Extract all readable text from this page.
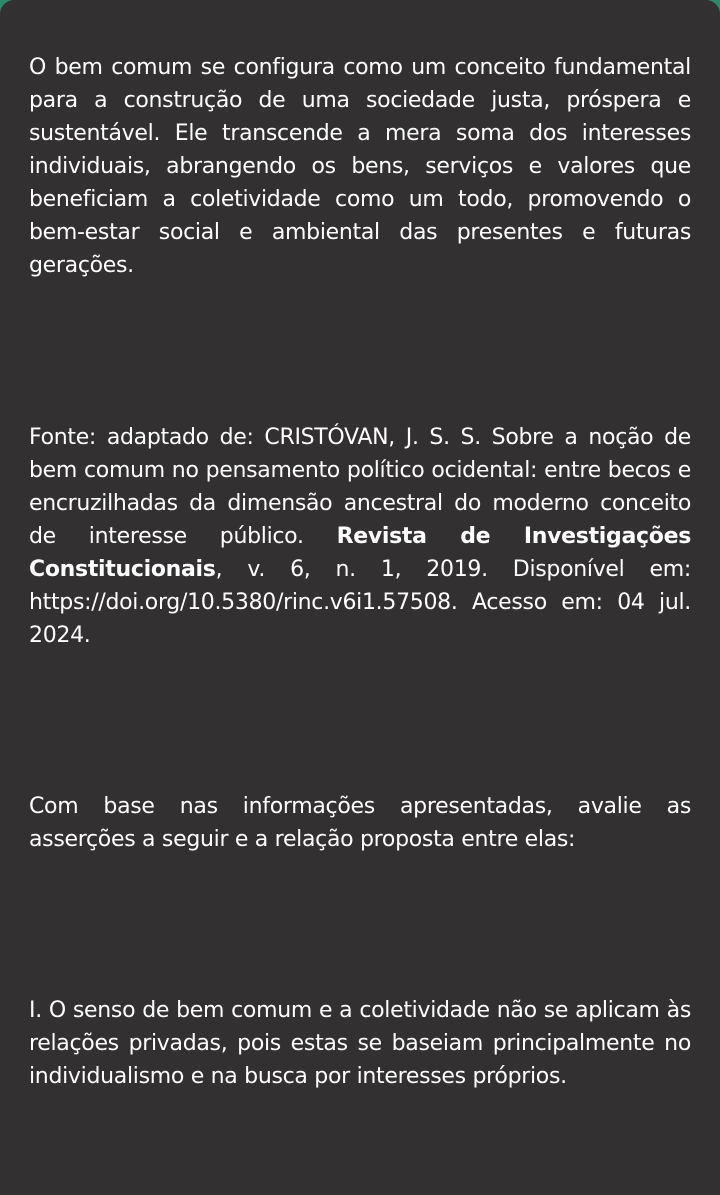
O bem comum se configura como um conceito fundamental para a construção de uma sociedade justa, próspera e sustentável. Ele transcende a mera soma dos interesses individuais, abrangendo os bens, serviços e valores que beneficiam a coletividade como um todo, promovendo o bem-estar social e ambiental das presentes e futuras gerações.

Fonte: adaptado de: CRISTÓVAN, J. S. S. Sobre a noção de bem comum no pensamento político ocidental: entre becos e encruzilhadas da dimensão ancestral do moderno conceito de interesse público. Revista de Investigações Constitucionais, v. 6, n. 1, 2019. Disponível em: https://doi.org/10.5380/rinc.v6i1.57508. Acesso em: 04 jul. 2024.

Com base nas informações apresentadas, avalie as asserções a seguir e a relação proposta entre elas:

I. O senso de bem comum e a coletividade não se aplicam às relações privadas, pois estas se baseiam principalmente no individualismo e na busca por interesses próprios.
